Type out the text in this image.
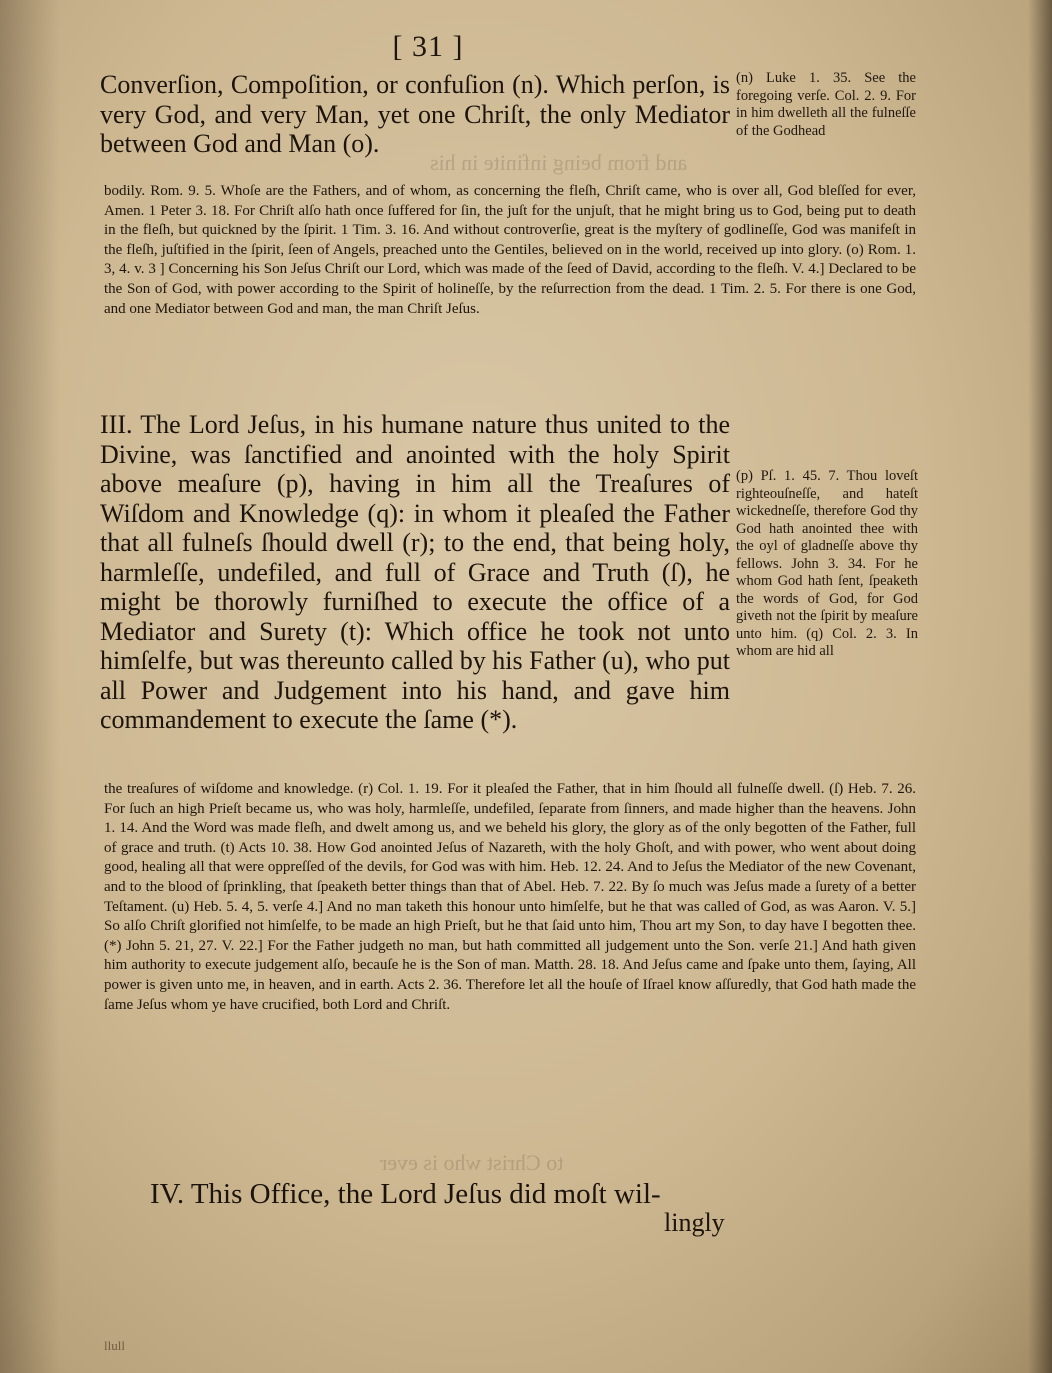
and from being infinite in his
to Christ who is ever
[ 31 ]
Converſion, Compoſition, or confuſion (n). Which perſon, is very God, and very Man, yet one Chriſt, the only Mediator between God and Man (o).
(n) Luke 1. 35. See the foregoing verſe. Col. 2. 9. For in him dwelleth all the fulneſſe of the Godhead
bodily. Rom. 9. 5. Whoſe are the Fathers, and of whom, as concerning the fleſh, Chriſt came, who is over all, God bleſſed for ever, Amen. 1 Peter 3. 18. For Chriſt alſo hath once ſuffered for ſin, the juſt for the unjuſt, that he might bring us to God, being put to death in the fleſh, but quickned by the ſpirit. 1 Tim. 3. 16. And without controverſie, great is the myſtery of godlineſſe, God was manifeſt in the fleſh, juſtified in the ſpirit, ſeen of Angels, preached unto the Gentiles, believed on in the world, received up into glory. (o) Rom. 1. 3, 4. v. 3 ] Concerning his Son Jeſus Chriſt our Lord, which was made of the ſeed of David, according to the fleſh. V. 4.] Declared to be the Son of God, with power according to the Spirit of holineſſe, by the reſurrection from the dead. 1 Tim. 2. 5. For there is one God, and one Mediator between God and man, the man Chriſt Jeſus.
III. The Lord Jeſus, in his humane nature thus united to the Divine, was ſanctified and anointed with the holy Spirit above meaſure (p), having in him all the Treaſures of Wiſdom and Knowledge (q): in whom it pleaſed the Father that all fulneſs ſhould dwell (r); to the end, that being holy, harmleſſe, undefiled, and full of Grace and Truth (ſ), he might be thorowly furniſhed to execute the office of a Mediator and Surety (t): Which office he took not unto himſelfe, but was thereunto called by his Father (u), who put all Power and Judgement into his hand, and gave him commandement to execute the ſame (*).
(p) Pſ. 1. 45. 7. Thou loveſt righteouſneſſe, and hateſt wickedneſſe, therefore God thy God hath anointed thee with the oyl of gladneſſe above thy fellows. John 3. 34. For he whom God hath ſent, ſpeaketh the words of God, for God giveth not the ſpirit by meaſure unto him. (q) Col. 2. 3. In whom are hid all
the treaſures of wiſdome and knowledge. (r) Col. 1. 19. For it pleaſed the Father, that in him ſhould all fulneſſe dwell. (ſ) Heb. 7. 26. For ſuch an high Prieſt became us, who was holy, harmleſſe, undefiled, ſeparate from ſinners, and made higher than the heavens. John 1. 14. And the Word was made fleſh, and dwelt among us, and we beheld his glory, the glory as of the only begotten of the Father, full of grace and truth. (t) Acts 10. 38. How God anointed Jeſus of Nazareth, with the holy Ghoſt, and with power, who went about doing good, healing all that were oppreſſed of the devils, for God was with him. Heb. 12. 24. And to Jeſus the Mediator of the new Covenant, and to the blood of ſprinkling, that ſpeaketh better things than that of Abel. Heb. 7. 22. By ſo much was Jeſus made a ſurety of a better Teſtament. (u) Heb. 5. 4, 5. verſe 4.] And no man taketh this honour unto himſelfe, but he that was called of God, as was Aaron. V. 5.] So alſo Chriſt glorified not himſelfe, to be made an high Prieſt, but he that ſaid unto him, Thou art my Son, to day have I begotten thee. (*) John 5. 21, 27. V. 22.] For the Father judgeth no man, but hath committed all judgement unto the Son. verſe 21.] And hath given him authority to execute judgement alſo, becauſe he is the Son of man. Matth. 28. 18. And Jeſus came and ſpake unto them, ſaying, All power is given unto me, in heaven, and in earth. Acts 2. 36. Therefore let all the houſe of Iſrael know aſſuredly, that God hath made the ſame Jeſus whom ye have crucified, both Lord and Chriſt.
IV. This Office, the Lord Jeſus did moſt wil-
lingly
llull
